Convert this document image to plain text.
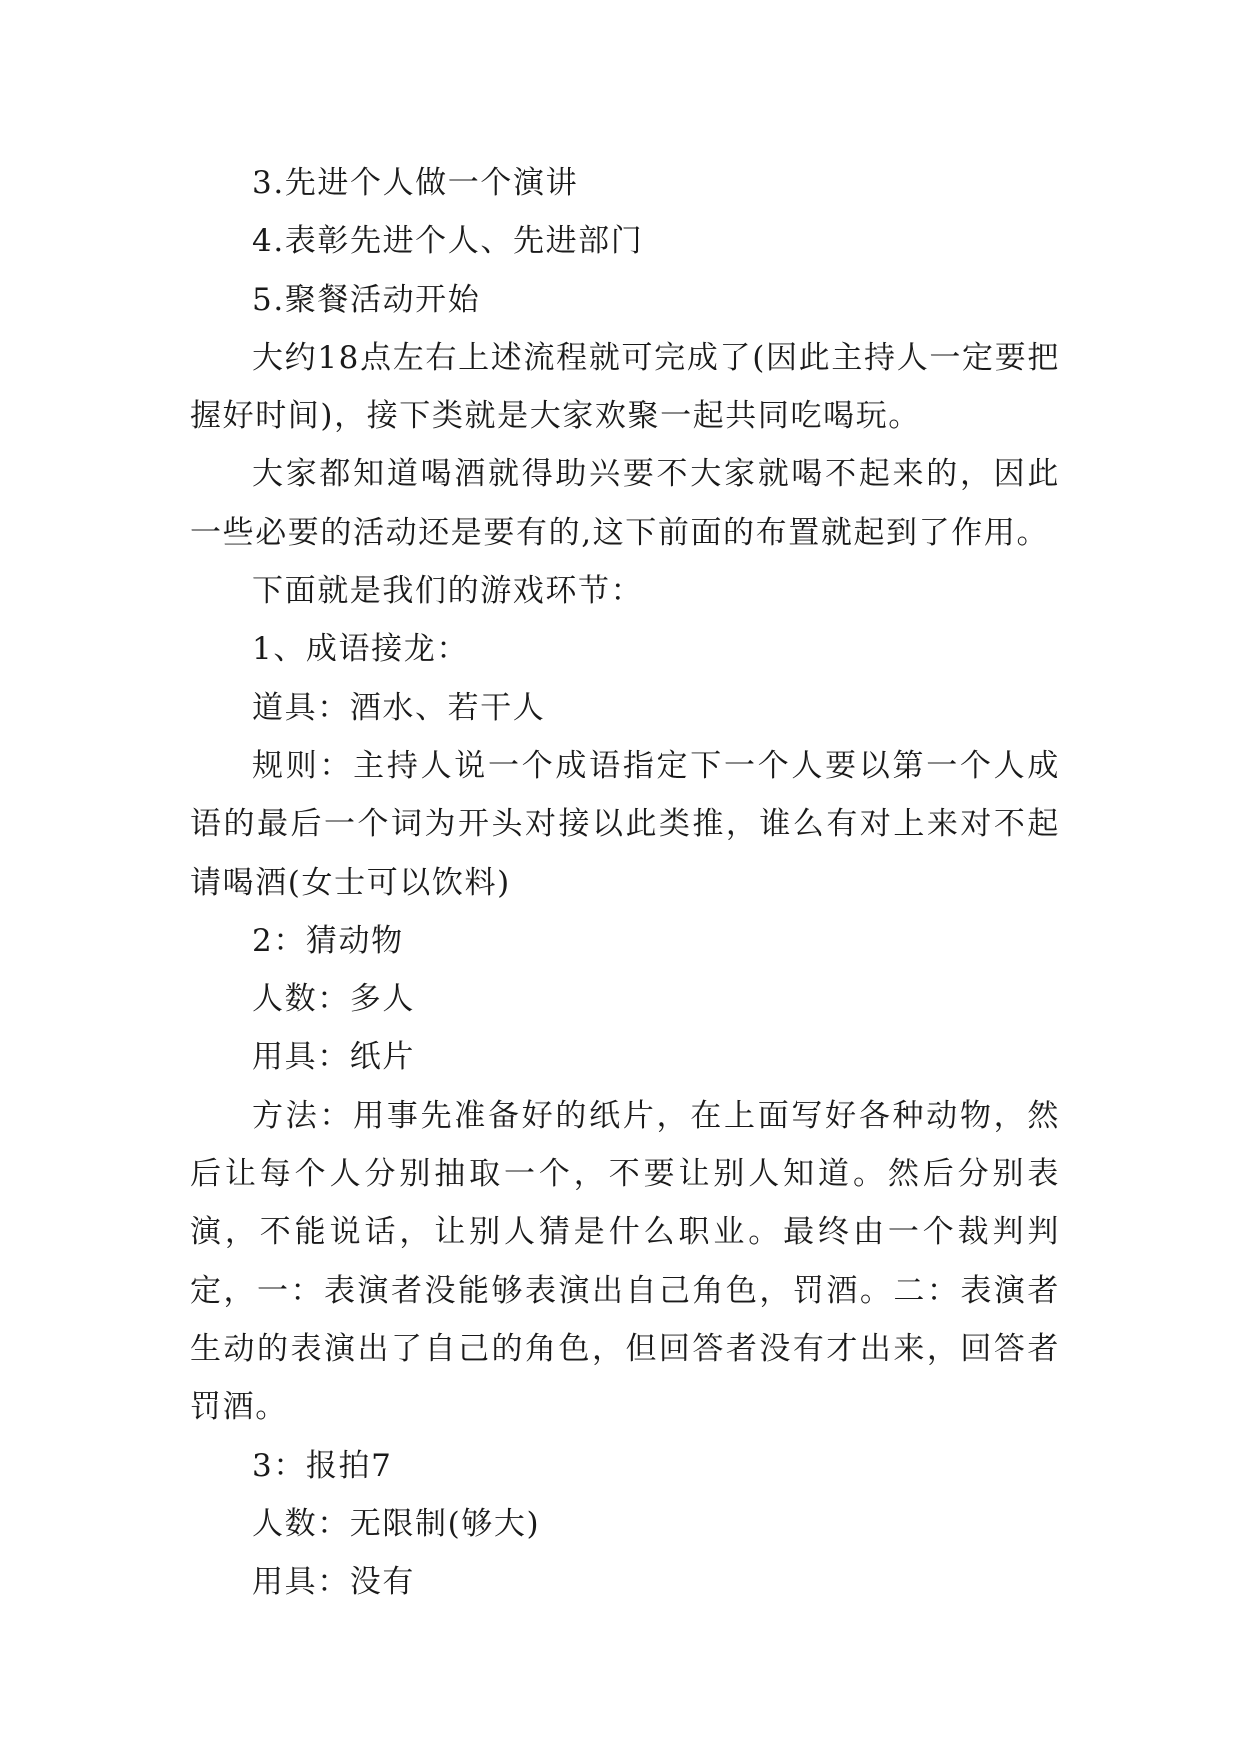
3.先进个人做一个演讲

4.表彰先进个人、先进部门

5.聚餐活动开始

大约18点左右上述流程就可完成了(因此主持人一定要把握好时间)，接下类就是大家欢聚一起共同吃喝玩。

大家都知道喝酒就得助兴要不大家就喝不起来的，因此一些必要的活动还是要有的,这下前面的布置就起到了作用。

下面就是我们的游戏环节：

1、成语接龙：

道具：酒水、若干人

规则：主持人说一个成语指定下一个人要以第一个人成语的最后一个词为开头对接以此类推，谁么有对上来对不起请喝酒(女士可以饮料)

2：猜动物

人数：多人

用具：纸片

方法：用事先准备好的纸片，在上面写好各种动物，然后让每个人分别抽取一个，不要让别人知道。然后分别表演，不能说话，让别人猜是什么职业。最终由一个裁判判定，一：表演者没能够表演出自己角色，罚酒。二：表演者生动的表演出了自己的角色，但回答者没有才出来，回答者罚酒。

3：报拍7

人数：无限制(够大)

用具：没有
